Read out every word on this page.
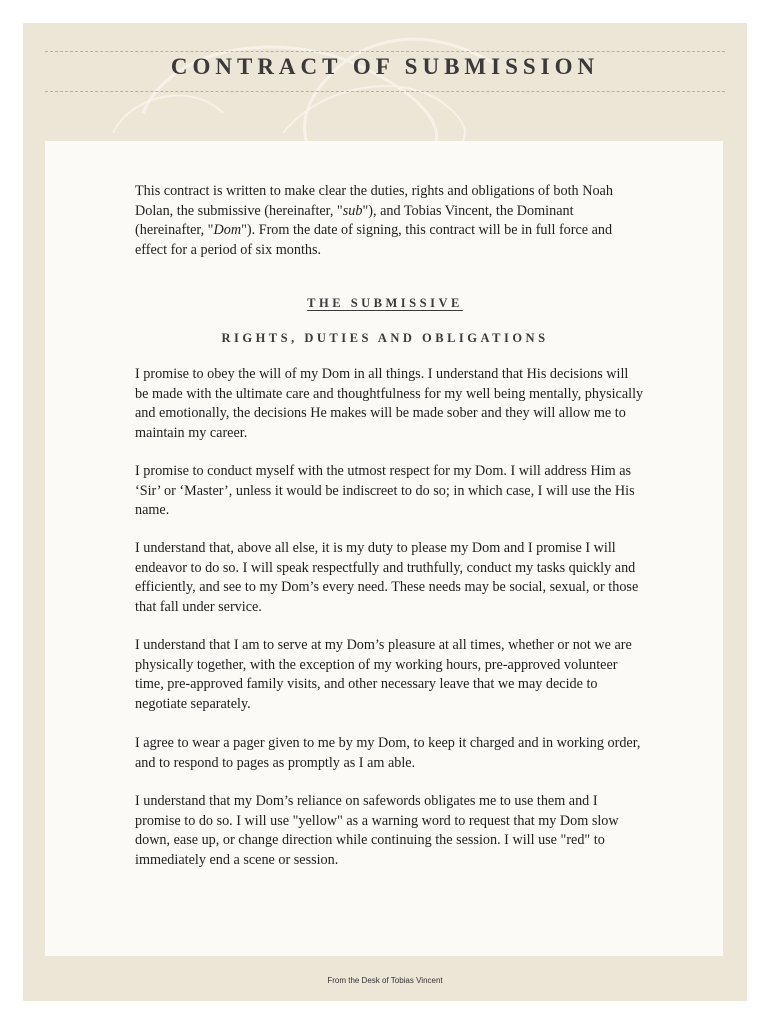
CONTRACT OF SUBMISSION

This contract is written to make clear the duties, rights and obligations of both Noah Dolan, the submissive (hereinafter, "sub"), and Tobias Vincent, the Dominant (hereinafter, "Dom"). From the date of signing, this contract will be in full force and effect for a period of six months.

THE SUBMISSIVE
RIGHTS, DUTIES AND OBLIGATIONS
I promise to obey the will of my Dom in all things. I understand that His decisions will be made with the ultimate care and thoughtfulness for my well being mentally, physically and emotionally, the decisions He makes will be made sober and they will allow me to maintain my career.
I promise to conduct myself with the utmost respect for my Dom. I will address Him as ‘Sir’ or ‘Master’, unless it would be indiscreet to do so; in which case, I will use the His name.
I understand that, above all else, it is my duty to please my Dom and I promise I will endeavor to do so. I will speak respectfully and truthfully, conduct my tasks quickly and efficiently, and see to my Dom’s every need. These needs may be social, sexual, or those that fall under service.
I understand that I am to serve at my Dom’s pleasure at all times, whether or not we are physically together, with the exception of my working hours, pre-approved volunteer time, pre-approved family visits, and other necessary leave that we may decide to negotiate separately.
I agree to wear a pager given to me by my Dom, to keep it charged and in working order, and to respond to pages as promptly as I am able.
I understand that my Dom’s reliance on safewords obligates me to use them and I promise to do so. I will use "yellow" as a warning word to request that my Dom slow down, ease up, or change direction while continuing the session. I will use "red" to immediately end a scene or session.
From the Desk of Tobias Vincent
